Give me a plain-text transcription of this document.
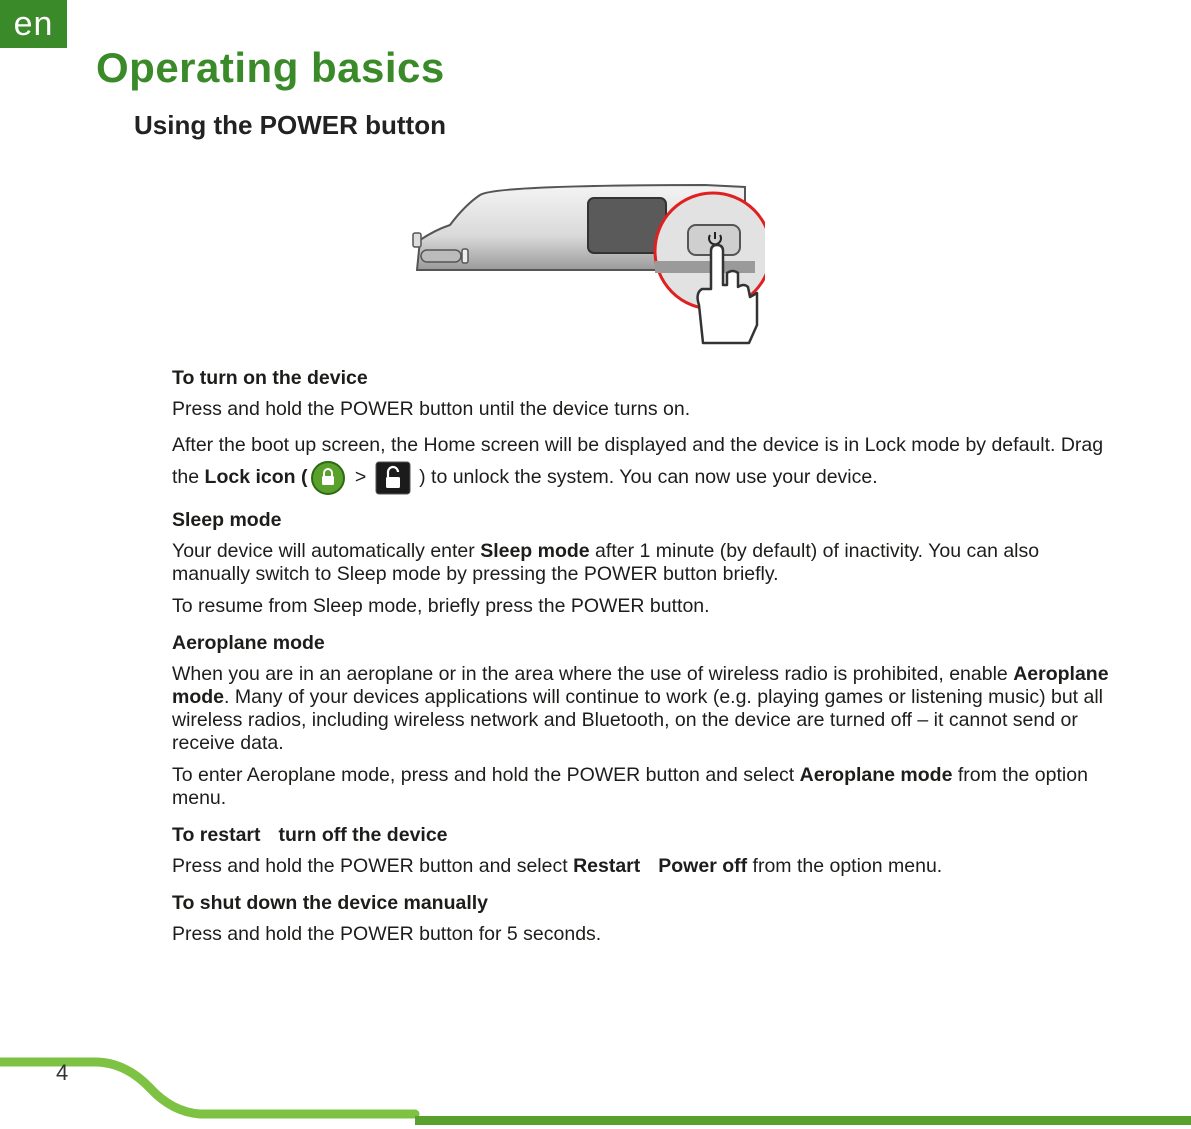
en
Operating basics
Using the POWER button
To turn on the device

Press and hold the POWER button until the device turns on.

After the boot up screen, the Home screen will be displayed and the device is in Lock mode by default. Drag the Lock icon ( >  ) to unlock the system. You can now use your device.

Sleep mode

Your device will automatically enter Sleep mode after 1 minute (by default) of inactivity. You can also manually switch to Sleep mode by pressing the POWER button briefly.

To resume from Sleep mode, briefly press the POWER button.

Aeroplane mode

When you are in an aeroplane or in the area where the use of wireless radio is prohibited, enable Aeroplane mode. Many of your devices applications will continue to work (e.g. playing games or listening music) but all wireless radios, including wireless network and Bluetooth, on the device are turned off – it cannot send or receive data.

To enter Aeroplane mode, press and hold the POWER button and select Aeroplane mode from the option menu.

To restart turn off the device

Press and hold the POWER button and select Restart Power off from the option menu.

To shut down the device manually

Press and hold the POWER button for 5 seconds.

4
